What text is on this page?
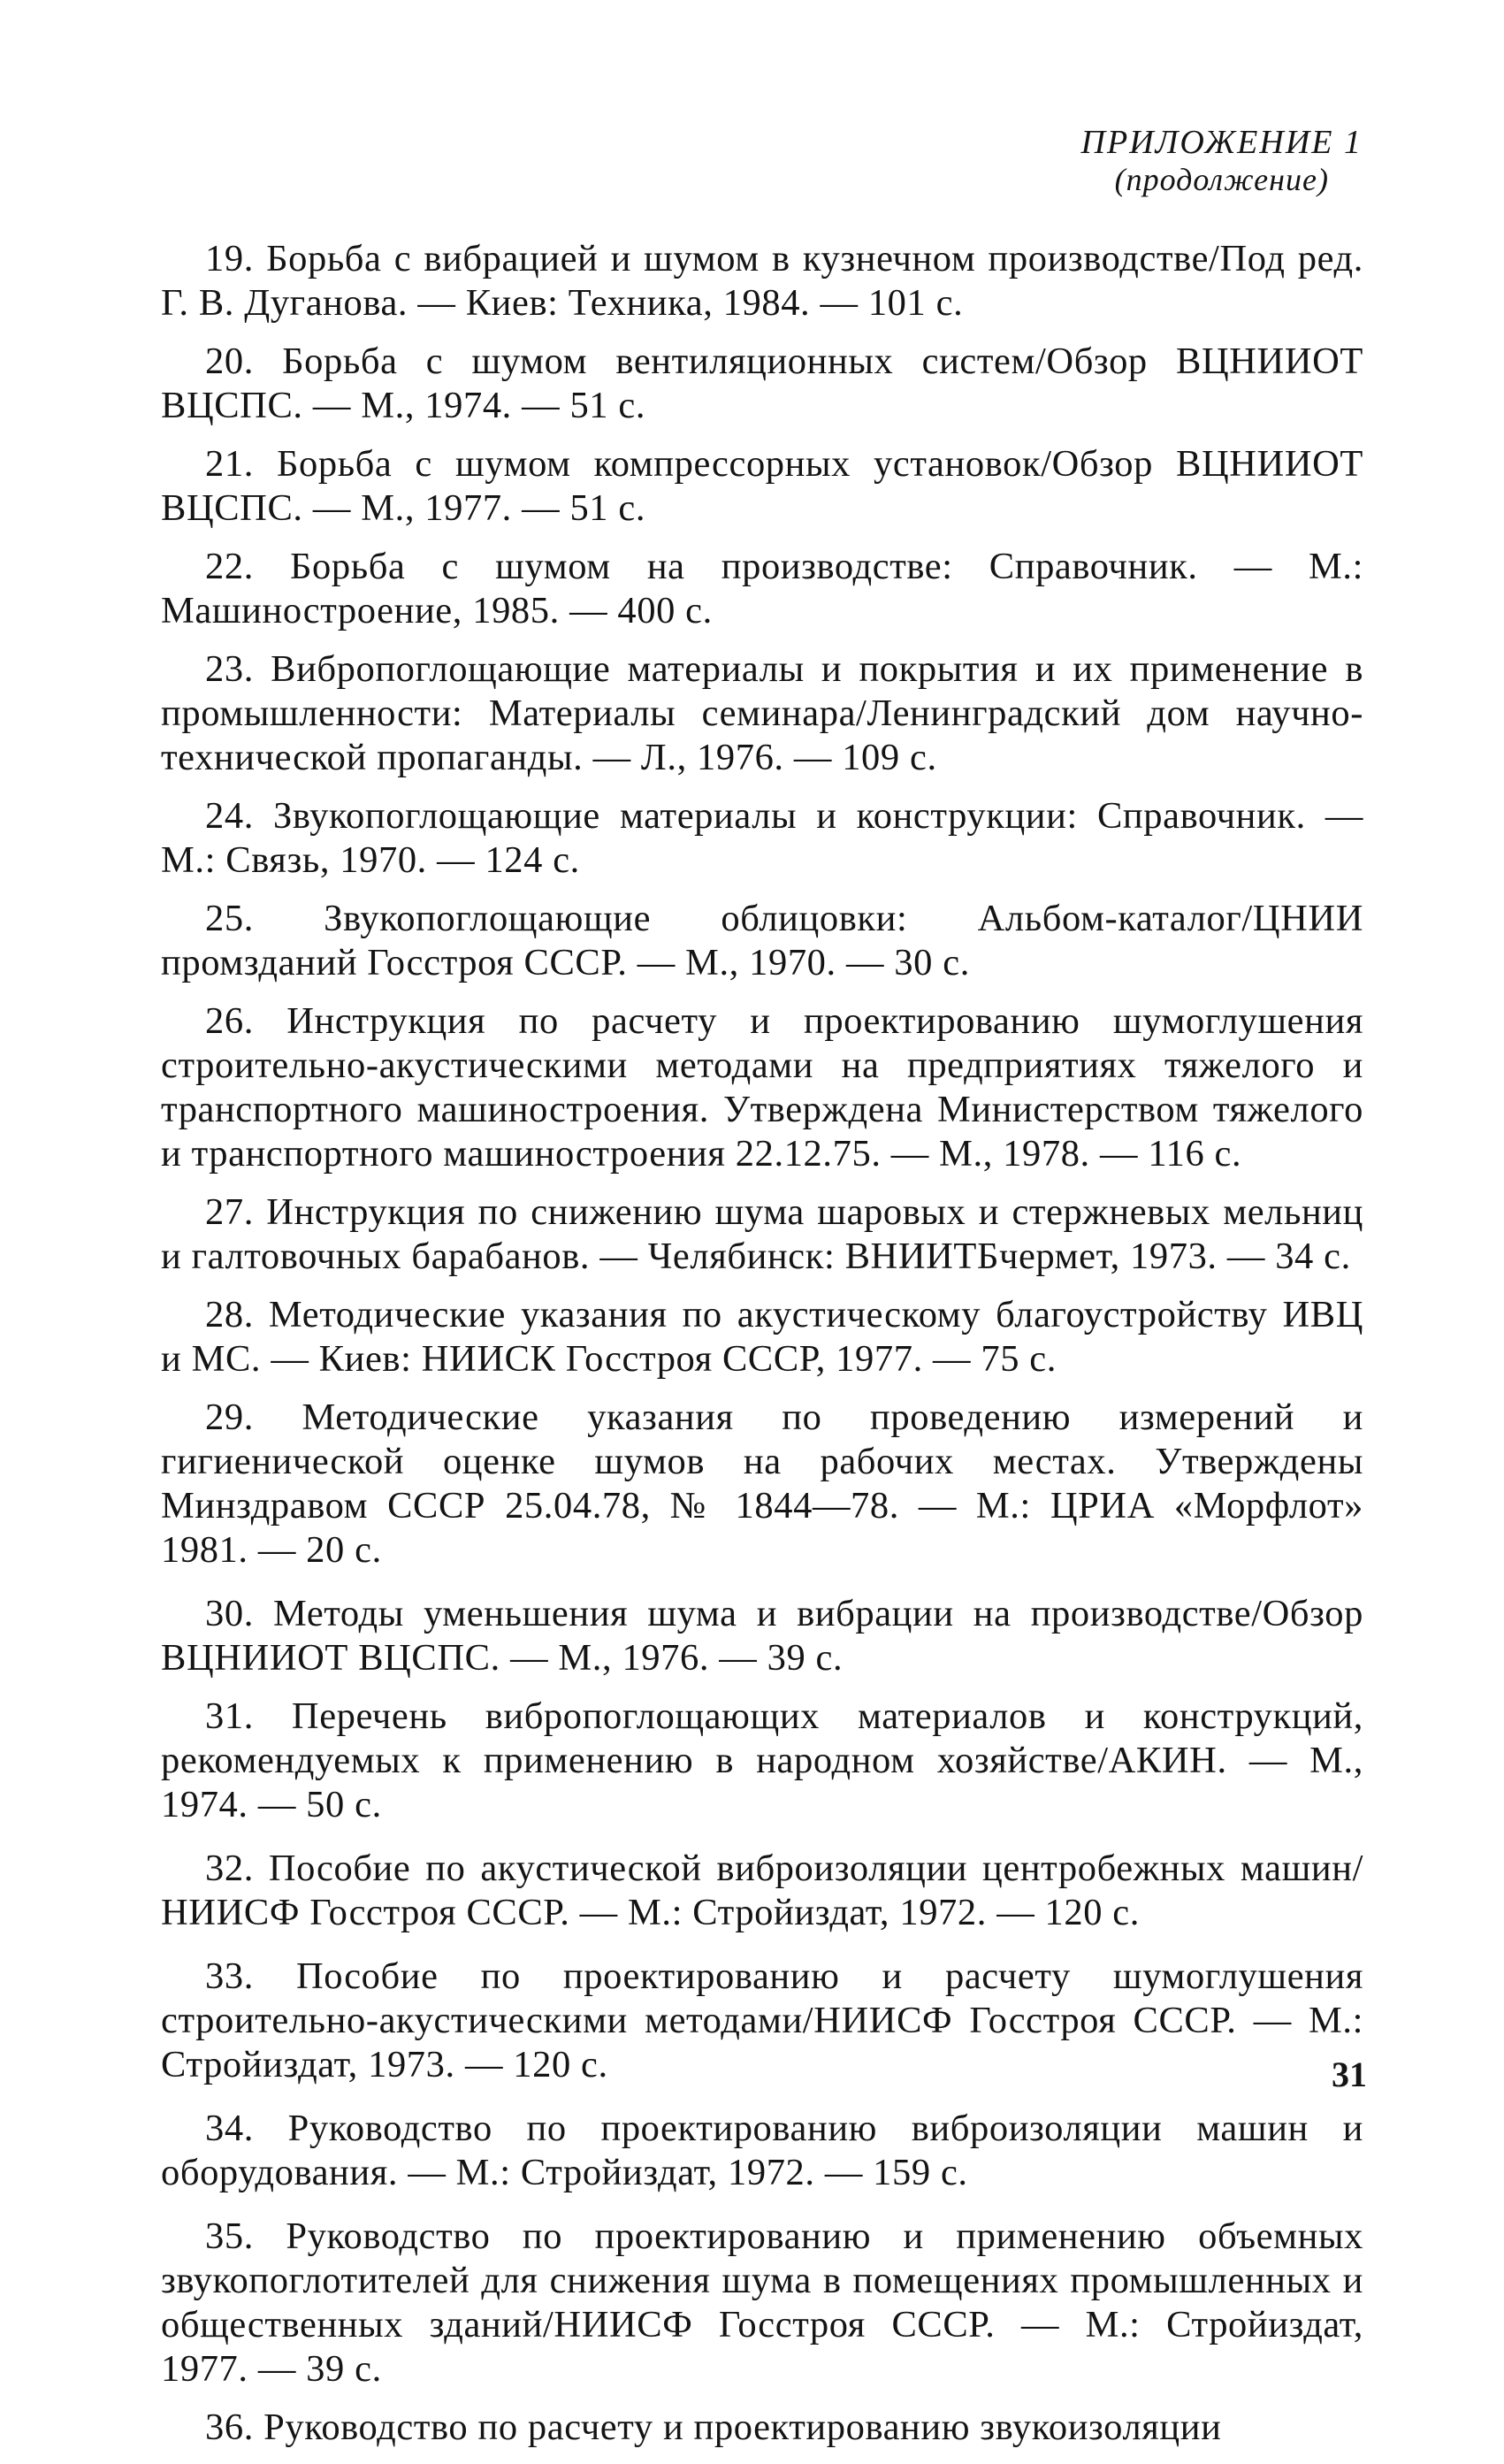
ПРИЛОЖЕНИЕ 1
(продолжение)

19. Борьба с вибрацией и шумом в кузнечном производстве/Под ред. Г. В. Дуганова. — Киев: Техника, 1984. — 101 с.

20. Борьба с шумом вентиляционных систем/Обзор ВЦНИИОТ ВЦСПС. — М., 1974. — 51 с.

21. Борьба с шумом компрессорных установок/Обзор ВЦНИИОТ ВЦСПС. — М., 1977. — 51 с.

22. Борьба с шумом на производстве: Справочник. — М.: Машиностроение, 1985. — 400 с.

23. Вибропоглощающие материалы и покрытия и их применение в промышленности: Материалы семинара/Ленинградский дом научно-технической пропаганды. — Л., 1976. — 109 с.

24. Звукопоглощающие материалы и конструкции: Справочник. — М.: Связь, 1970. — 124 с.

25. Звукопоглощающие облицовки: Альбом-каталог/ЦНИИ промзданий Госстроя СССР. — М., 1970. — 30 с.

26. Инструкция по расчету и проектированию шумоглушения строительно-акустическими методами на предприятиях тяжелого и транспортного машиностроения. Утверждена Министерством тяжелого и транспортного машиностроения 22.12.75. — М., 1978. — 116 с.

27. Инструкция по снижению шума шаровых и стержневых мельниц и галтовочных барабанов. — Челябинск: ВНИИТБчермет, 1973. — 34 с.

28. Методические указания по акустическому благоустройству ИВЦ и МС. — Киев: НИИСК Госстроя СССР, 1977. — 75 с.

29. Методические указания по проведению измерений и гигиенической оценке шумов на рабочих местах. Утверждены Минздравом СССР 25.04.78, № 1844—78. — М.: ЦРИА «Морфлот» 1981. — 20 с.

30. Методы уменьшения шума и вибрации на производстве/Обзор ВЦНИИОТ ВЦСПС. — М., 1976. — 39 с.

31. Перечень вибропоглощающих материалов и конструкций, рекомендуемых к применению в народном хозяйстве/АКИН. — М., 1974. — 50 с.

32. Пособие по акустической виброизоляции центробежных машин/НИИСФ Госстроя СССР. — М.: Стройиздат, 1972. — 120 с.

33. Пособие по проектированию и расчету шумоглушения строительно-акустическими методами/НИИСФ Госстроя СССР. — М.: Стройиздат, 1973. — 120 с.

34. Руководство по проектированию виброизоляции машин и оборудования. — М.: Стройиздат, 1972. — 159 с.

35. Руководство по проектированию и применению объемных звукопоглотителей для снижения шума в помещениях промышленных и общественных зданий/НИИСФ Госстроя СССР. — М.: Стройиздат, 1977. — 39 с.

36. Руководство по расчету и проектированию звукоизоляции

31
